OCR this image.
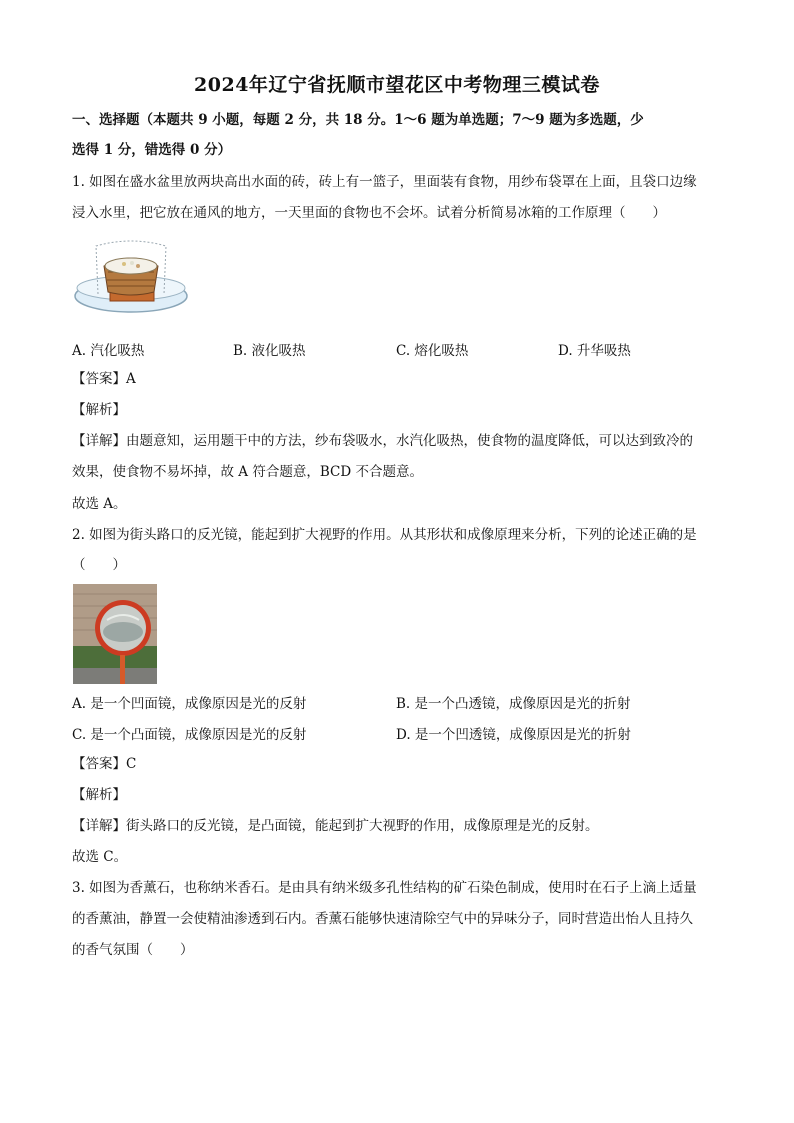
2024年辽宁省抚顺市望花区中考物理三模试卷

一、选择题（本题共 9 小题，每题 2 分，共 18 分。1～6 题为单选题；7～9 题为多选题，少

选得 1 分，错选得 0 分）

1. 如图在盛水盆里放两块高出水面的砖，砖上有一篮子，里面装有食物，用纱布袋罩在上面，且袋口边缘

浸入水里，把它放在通风的地方，一天里面的食物也不会坏。试着分析简易冰箱的工作原理（　　）

A. 汽化吸热	B. 液化吸热	C. 熔化吸热	D. 升华吸热

【答案】A

【解析】

【详解】由题意知，运用题干中的方法，纱布袋吸水，水汽化吸热，使食物的温度降低，可以达到致冷的

效果，使食物不易坏掉，故 A 符合题意，BCD 不合题意。

故选 A。

2. 如图为街头路口的反光镜，能起到扩大视野的作用。从其形状和成像原理来分析，下列的论述正确的是

（　　）

A. 是一个凹面镜，成像原因是光的反射	B. 是一个凸透镜，成像原因是光的折射

C. 是一个凸面镜，成像原因是光的反射	D. 是一个凹透镜，成像原因是光的折射

【答案】C

【解析】

【详解】街头路口的反光镜，是凸面镜，能起到扩大视野的作用，成像原理是光的反射。

故选 C。

3. 如图为香薰石，也称纳米香石。是由具有纳米级多孔性结构的矿石染色制成，使用时在石子上滴上适量

的香薰油，静置一会使精油渗透到石内。香薰石能够快速清除空气中的异味分子，同时营造出怡人且持久

的香气氛围（　　）
